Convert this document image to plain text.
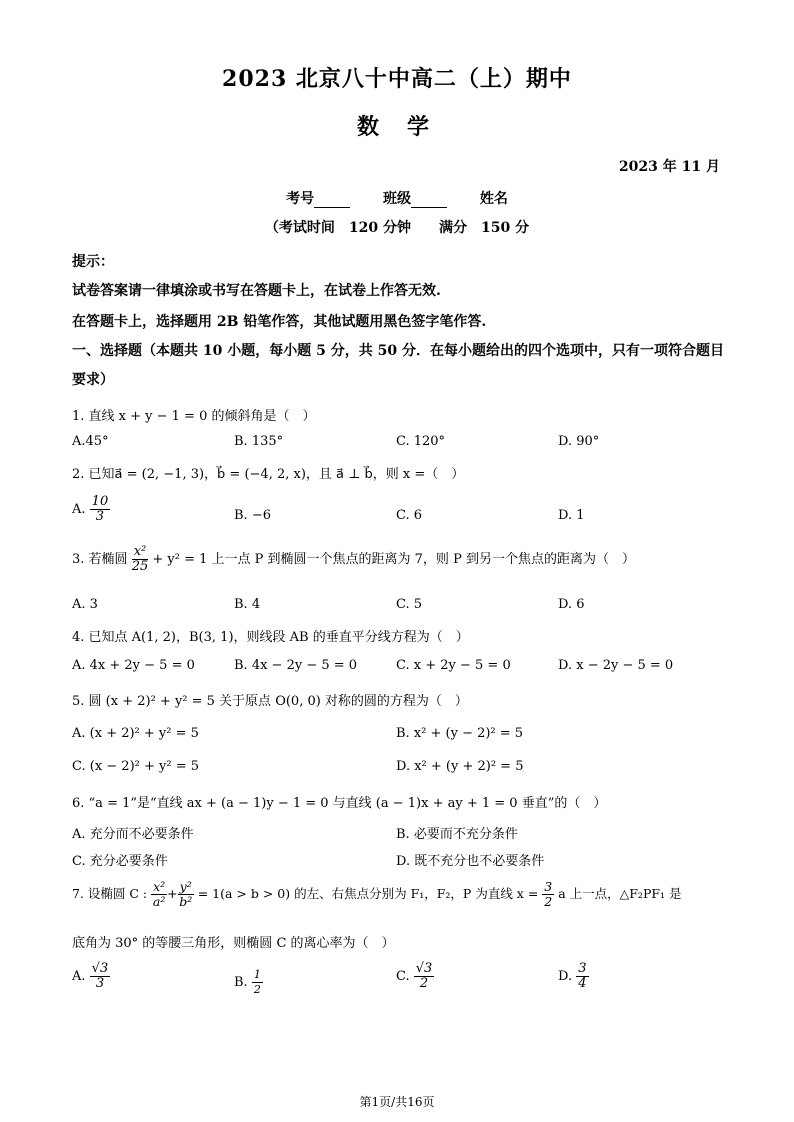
2023 北京八十中高二（上）期中
数学
2023 年 11 月
考号	班级	姓名
（考试时间　120 分钟　　满分　150 分
提示：
试卷答案请一律填涂或书写在答题卡上，在试卷上作答无效.
在答题卡上，选择题用 2B 铅笔作答，其他试题用黑色签字笔作答.
一、选择题（本题共 10 小题，每小题 5 分，共 50 分．在每小题给出的四个选项中，只有一项符合题目要求）
1. 直线 x + y − 1 = 0 的倾斜角是（　）
A.45°	B. 135°	C. 120°	D. 90°
2. 已知a⃗ = (2, −1, 3)，b⃗ = (−4, 2, x)，且 a⃗ ⊥ b⃗，则 x =（　）
A. $\frac{10}{3}$	B. −6	C. 6	D. 1
3. 若椭圆 $\frac{\text{x²}}{25} + y^2 = 1$ 上一点 P 到椭圆一个焦点的距离为 7，则 P 到另一个焦点的距离为（　）
A. 3	B. 4	C. 5	D. 6
4. 已知点 A(1, 2)，B(3, 1)，则线段 AB 的垂直平分线方程为（　）
A. 4x + 2y − 5 = 0	B. 4x − 2y − 5 = 0	C. x + 2y − 5 = 0	D. x − 2y − 5 = 0
5. 圆 (x + 2)² + y² = 5 关于原点 O(0, 0) 对称的圆的方程为（　）
A. (x + 2)² + y² = 5	B. x² + (y − 2)² = 5
C. (x − 2)² + y² = 5	D. x² + (y + 2)² = 5
6. “a = 1”是“直线 ax + (a − 1)y − 1 = 0 与直线 (a − 1)x + ay + 1 = 0 垂直”的（　）
A. 充分而不必要条件	B. 必要而不充分条件
C. 充分必要条件	D. 既不充分也不必要条件
7. 设椭圆 C : $\frac{\text{x²}}{\text{a²}} + \frac{\text{y²}}{\text{b²}} = 1(a > b > 0)$ 的左、右焦点分别为 F₁，F₂，P 为直线 $x = \frac{3}{2}$ a 上一点，△F₂PF₁ 是
底角为 30° 的等腰三角形，则椭圆 C 的离心率为（　）
A. $\frac{√3}{3}$	B. $\frac{1}{2}$	C. $\frac{√3}{2}$	D. $\frac{3}{4}$
第1页/共16页
